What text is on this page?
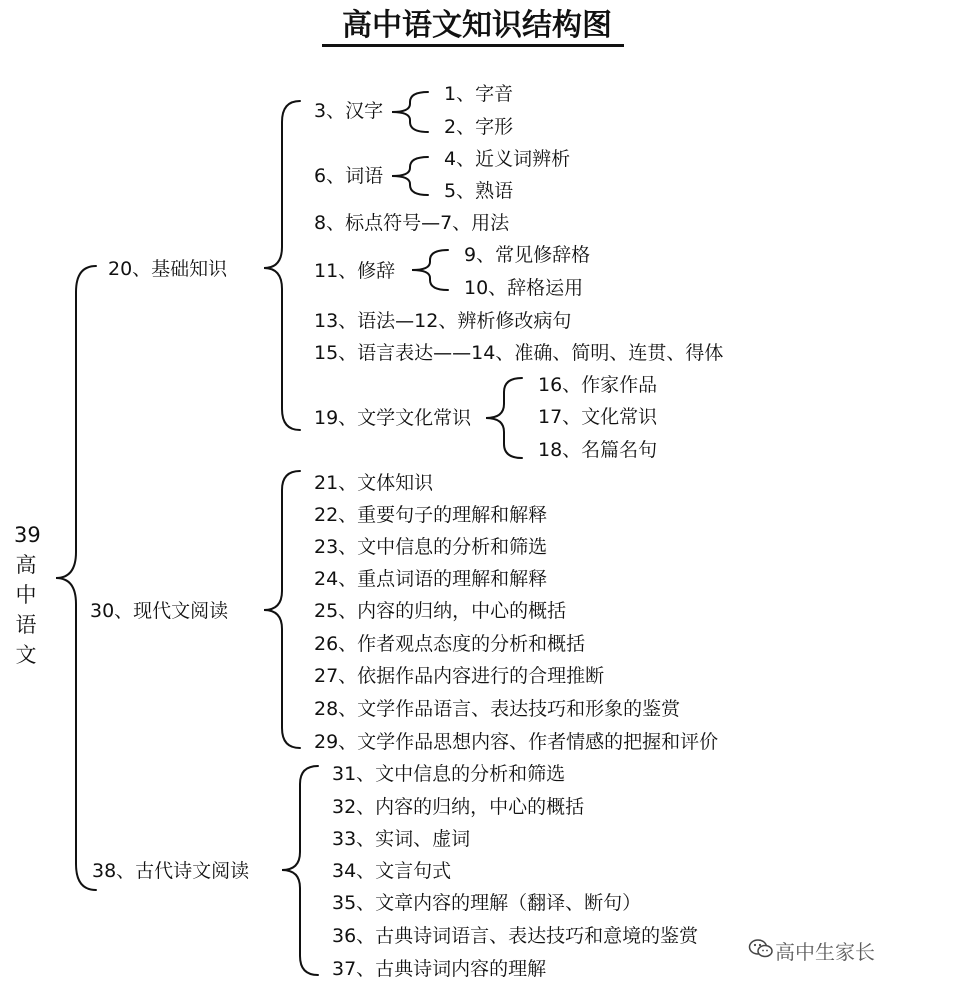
高中语文知识结构图
39
高
中
语
文
20、基础知识
30、现代文阅读
38、古代诗文阅读
3、汉字
1、字音
2、字形
6、词语
4、近义词辨析
5、熟语
8、标点符号—7、用法
11、修辞
9、常见修辞格
10、辞格运用
13、语法—12、辨析修改病句
15、语言表达——14、准确、简明、连贯、得体
19、文学文化常识
16、作家作品
17、文化常识
18、名篇名句
21、文体知识
22、重要句子的理解和解释
23、文中信息的分析和筛选
24、重点词语的理解和解释
25、内容的归纳，中心的概括
26、作者观点态度的分析和概括
27、依据作品内容进行的合理推断
28、文学作品语言、表达技巧和形象的鉴赏
29、文学作品思想内容、作者情感的把握和评价
31、文中信息的分析和筛选
32、内容的归纳，中心的概括
33、实词、虚词
34、文言句式
35、文章内容的理解（翻译、断句）
36、古典诗词语言、表达技巧和意境的鉴赏
37、古典诗词内容的理解
高中生家长
